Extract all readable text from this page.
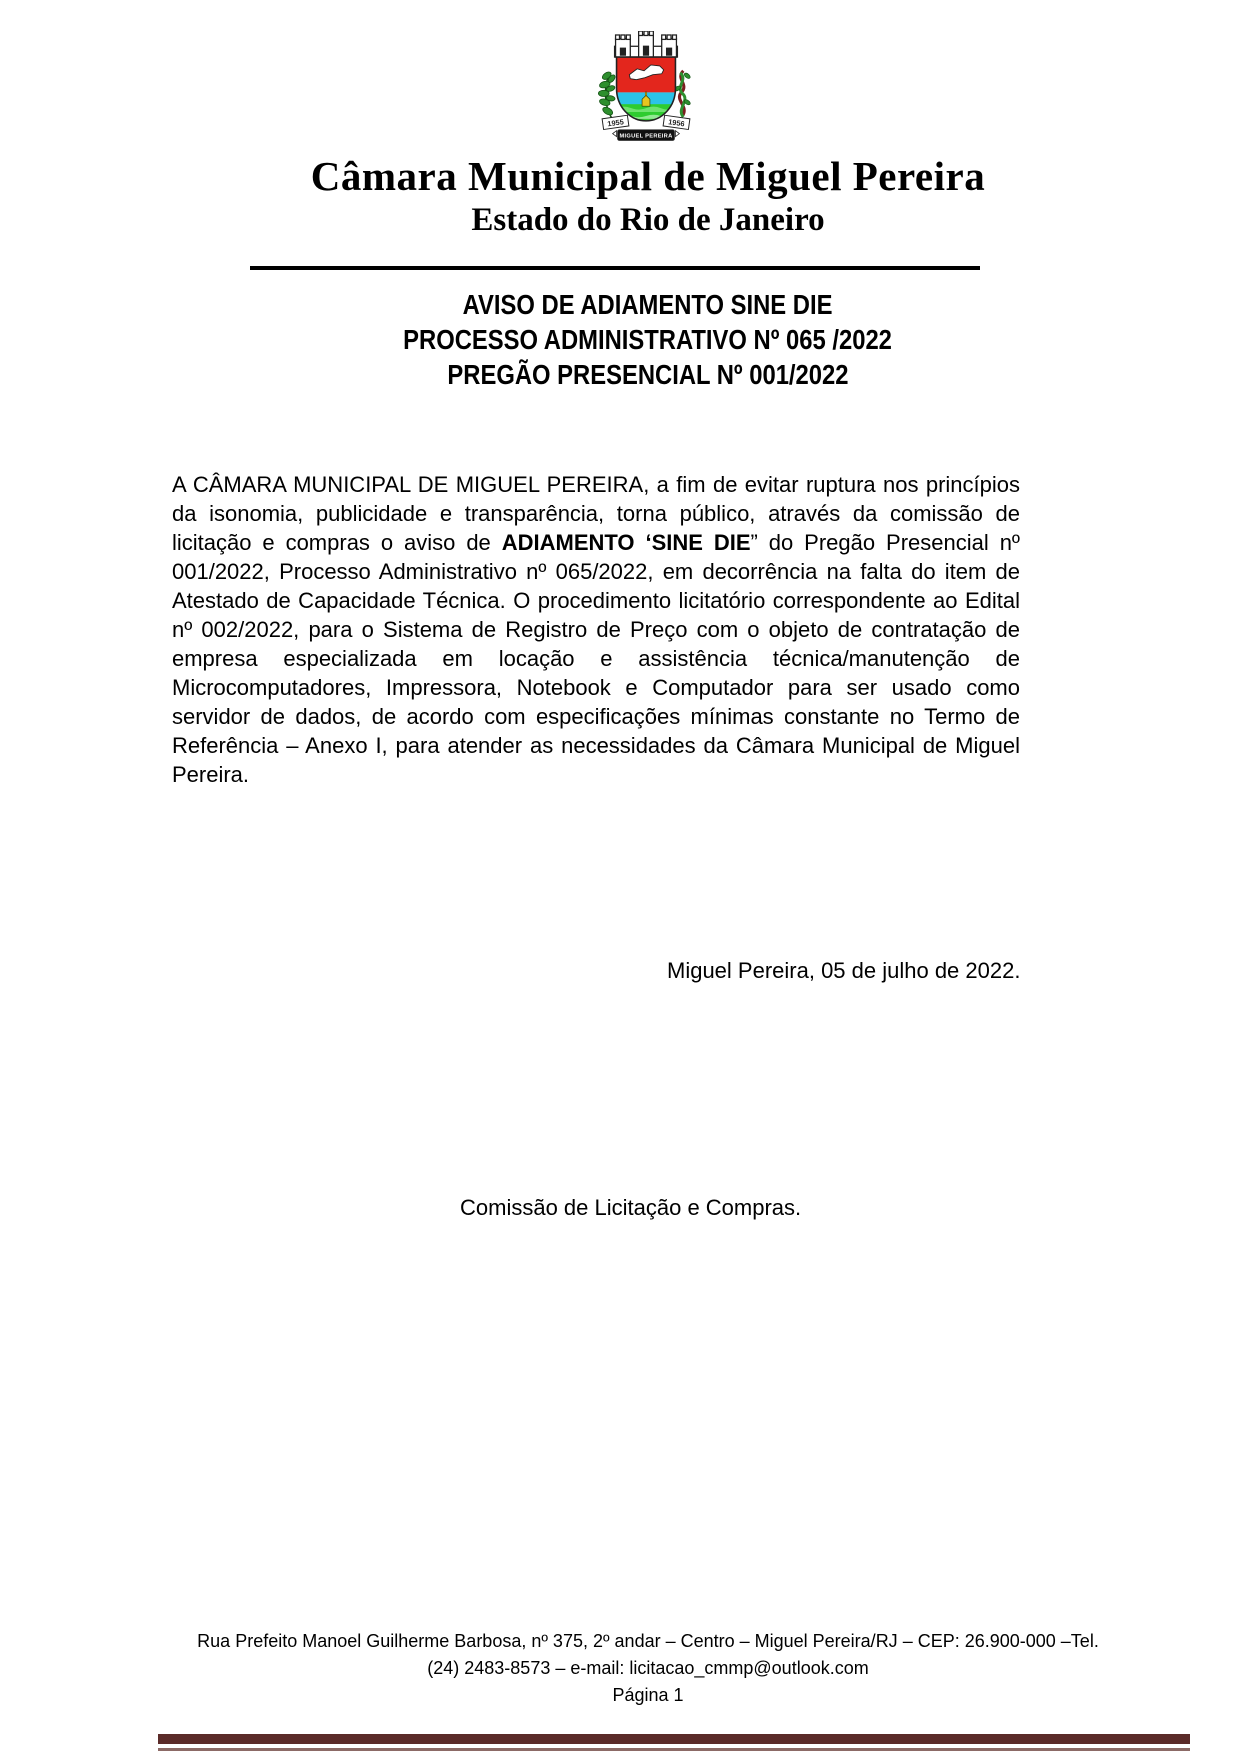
1955	1956
MIGUEL PEREIRA
Câmara Municipal de Miguel Pereira
Estado do Rio de Janeiro
AVISO DE ADIAMENTO SINE DIE
PROCESSO ADMINISTRATIVO Nº 065 /2022
PREGÃO PRESENCIAL Nº 001/2022
A CÂMARA MUNICIPAL DE MIGUEL PEREIRA, a fim de evitar ruptura nos princípios
da isonomia, publicidade e transparência, torna público, através da comissão de
licitação e compras o aviso de ADIAMENTO ‘SINE DIE” do Pregão Presencial nº
001/2022, Processo Administrativo nº 065/2022, em decorrência na falta do item de
Atestado de Capacidade Técnica. O procedimento licitatório correspondente ao Edital
nº 002/2022, para o Sistema de Registro de Preço com o objeto de contratação de
empresa especializada em locação e assistência técnica/manutenção de
Microcomputadores, Impressora, Notebook e Computador para ser usado como
servidor de dados, de acordo com especificações mínimas constante no Termo de
Referência – Anexo I, para atender as necessidades da Câmara Municipal de Miguel
Pereira.
Miguel Pereira, 05 de julho de 2022.
Comissão de Licitação e Compras.
Rua Prefeito Manoel Guilherme Barbosa, nº 375, 2º andar – Centro – Miguel Pereira/RJ – CEP: 26.900-000 –Tel.
(24) 2483-8573 – e-mail: licitacao_cmmp@outlook.com
Página 1
